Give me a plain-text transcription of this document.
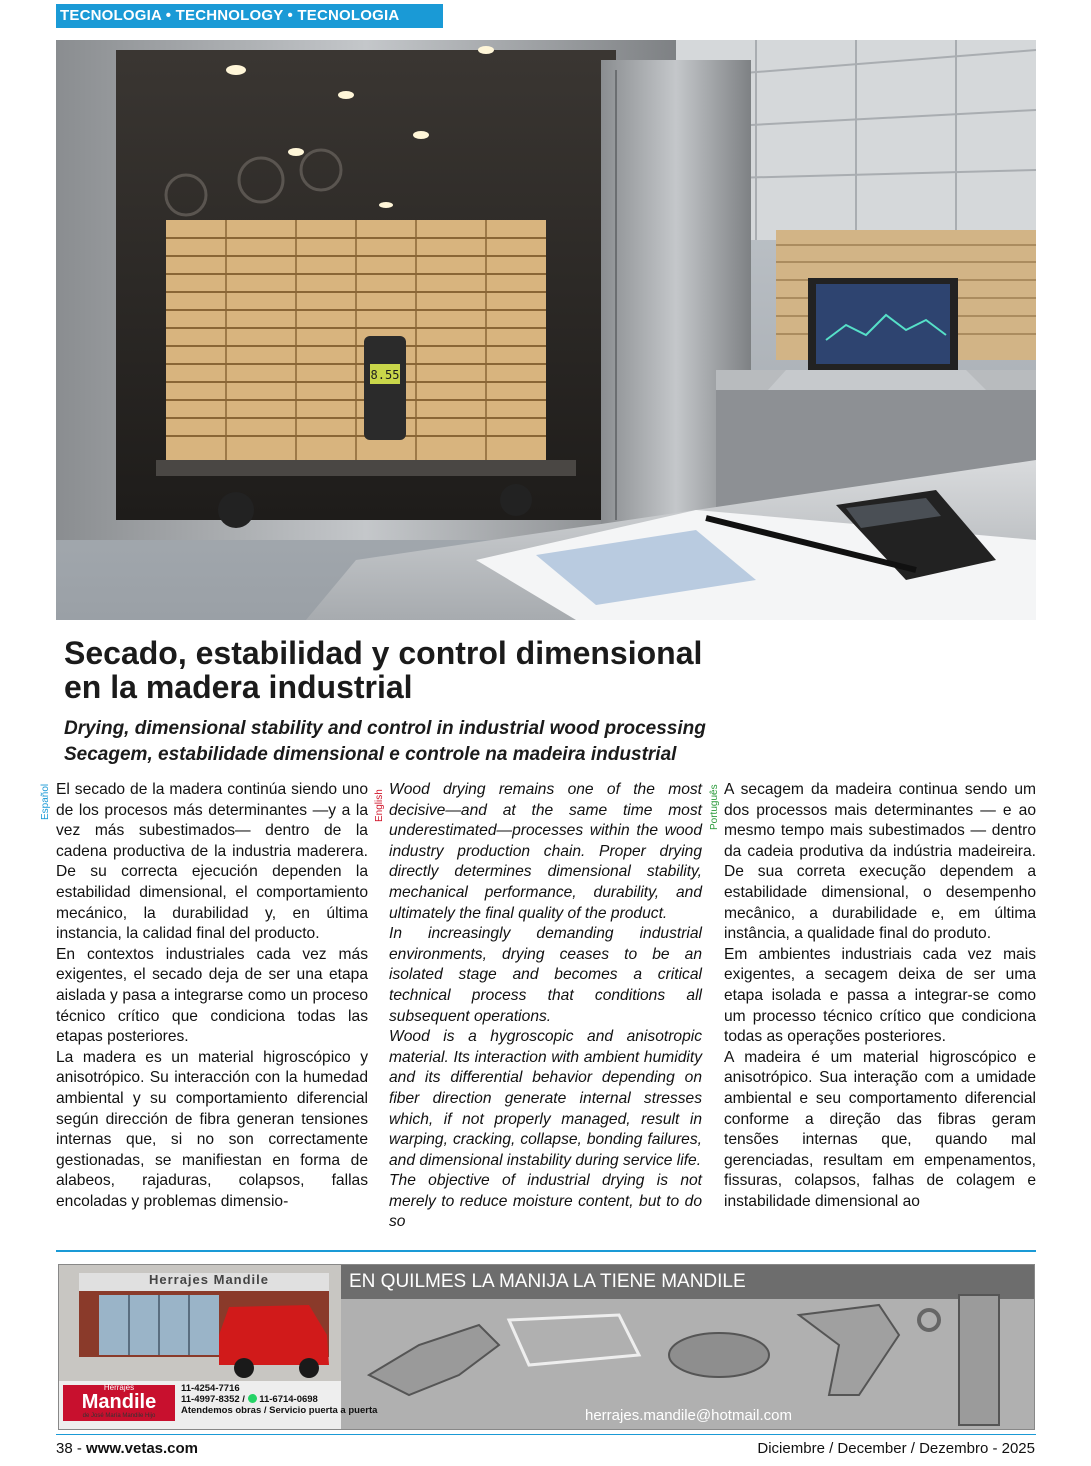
TECNOLOGIA • TECHNOLOGY • TECNOLOGIA
8.55
Secado, estabilidad y control dimensional
en la madera industrial
Drying, dimensional stability and control in industrial wood processing
Secagem, estabilidade dimensional e controle na madeira industrial
Español	English	Português

El secado de la madera continúa siendo uno de los procesos más determinantes —y a la vez más subestimados— dentro de la cadena productiva de la industria maderera. De su correcta ejecución dependen la estabilidad dimensional, el comportamiento mecánico, la durabilidad y, en última instancia, la calidad final del producto.

En contextos industriales cada vez más exigentes, el secado deja de ser una etapa aislada y pasa a integrarse como un proceso técnico crítico que condiciona todas las etapas posteriores.

La madera es un material higroscópico y anisotrópico. Su interacción con la humedad ambiental y su comportamiento diferencial según dirección de fibra generan tensiones internas que, si no son correctamente gestionadas, se manifiestan en forma de alabeos, rajaduras, colapsos, fallas encoladas y problemas dimensio-

Wood drying remains one of the most decisive—and at the same time most underestimated—processes within the wood industry production chain. Proper drying directly determines dimensional stability, mechanical performance, durability, and ultimately the final quality of the product.

In increasingly demanding industrial environments, drying ceases to be an isolated stage and becomes a critical technical process that conditions all subsequent operations.

Wood is a hygroscopic and anisotropic material. Its interaction with ambient humidity and its differential behavior depending on fiber direction generate internal stresses which, if not properly managed, result in warping, cracking, collapse, bonding failures, and dimensional instability during service life.

The objective of industrial drying is not merely to reduce moisture content, but to do so

A secagem da madeira continua sendo um dos processos mais determinantes — e ao mesmo tempo mais subestimados — dentro da cadeia produtiva da indústria madeireira. De sua correta execução dependem a estabilidade dimensional, o desempenho mecânico, a durabilidade e, em última instância, a qualidade final do produto.

Em ambientes industriais cada vez mais exigentes, a secagem deixa de ser uma etapa isolada e passa a integrar-se como um processo técnico crítico que condiciona todas as operações posteriores.

A madeira é um material higroscópico e anisotrópico. Sua interação com a umidade ambiental e seu comportamento diferencial conforme a direção das fibras geram tensões internas que, quando mal gerenciadas, resultam em empenamentos, fissuras, colapsos, falhas de colagem e instabilidade dimensional ao

Herrajes Mandile
Herrajes
Mandile
de José María Mandile Hijo
11-4254-7716
11-4997-8352 / 11-6714-0698
Atendemos obras / Servicio puerta a puerta
EN QUILMES LA MANIJA LA TIENE MANDILE
herrajes.mandile@hotmail.com
38 - www.vetas.com	Diciembre / December / Dezembro - 2025
